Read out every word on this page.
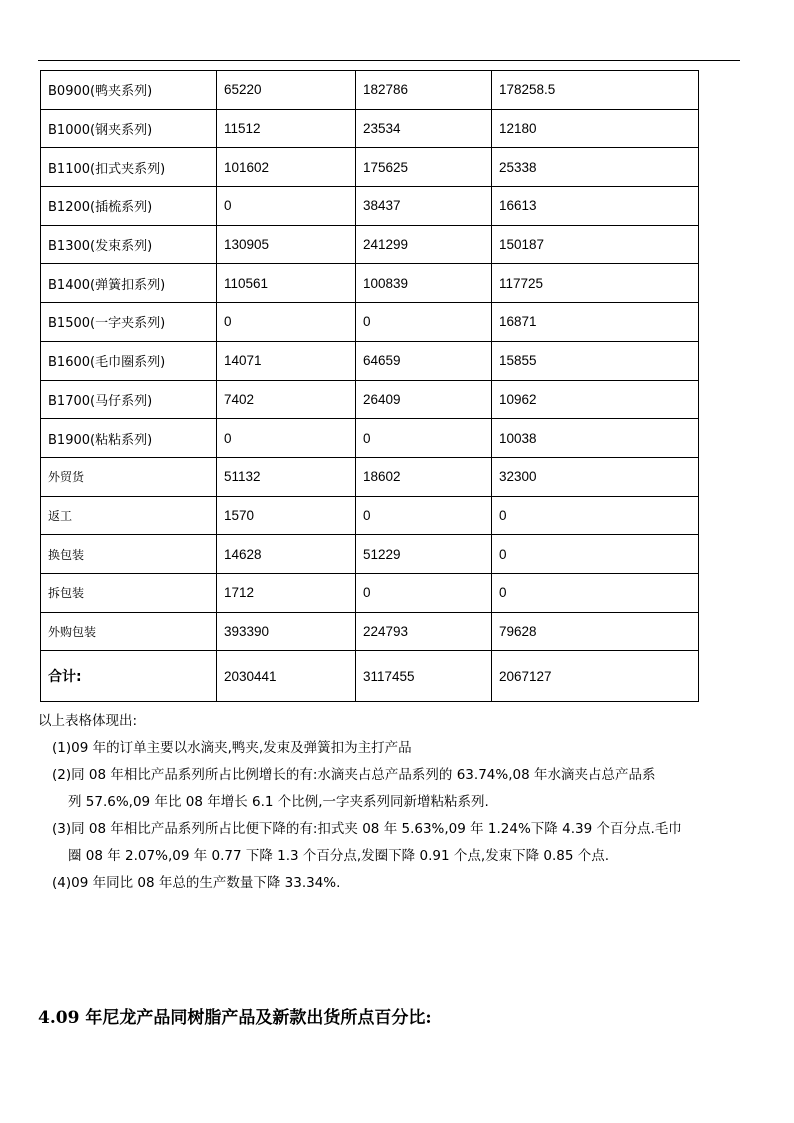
B0900(鸭夹系列)	65220	182786	178258.5
B1000(钢夹系列)	11512	23534	12180
B1100(扣式夹系列)	101602	175625	25338
B1200(插梳系列)	0	38437	16613
B1300(发束系列)	130905	241299	150187
B1400(弹簧扣系列)	110561	100839	117725
B1500(一字夹系列)	0	0	16871
B1600(毛巾圈系列)	14071	64659	15855
B1700(马仔系列)	7402	26409	10962
B1900(粘粘系列)	0	0	10038
外贸货	51132	18602	32300
返工	1570	0	0
换包装	14628	51229	0
拆包装	1712	0	0
外购包装	393390	224793	79628
合计:	2030441	3117455	2067127

以上表格体现出:

(1)09 年的订单主要以水滴夹,鸭夹,发束及弹簧扣为主打产品

(2)同 08 年相比产品系列所占比例增长的有:水滴夹占总产品系列的 63.74%,08 年水滴夹占总产品系

列 57.6%,09 年比 08 年增长 6.1 个比例,一字夹系列同新增粘粘系列.

(3)同 08 年相比产品系列所占比便下降的有:扣式夹 08 年 5.63%,09 年 1.24%下降 4.39 个百分点.毛巾

圈 08 年 2.07%,09 年 0.77 下降 1.3 个百分点,发圈下降 0.91 个点,发束下降 0.85 个点.

(4)09 年同比 08 年总的生产数量下降 33.34%.

4.09 年尼龙产品同树脂产品及新款出货所点百分比:
